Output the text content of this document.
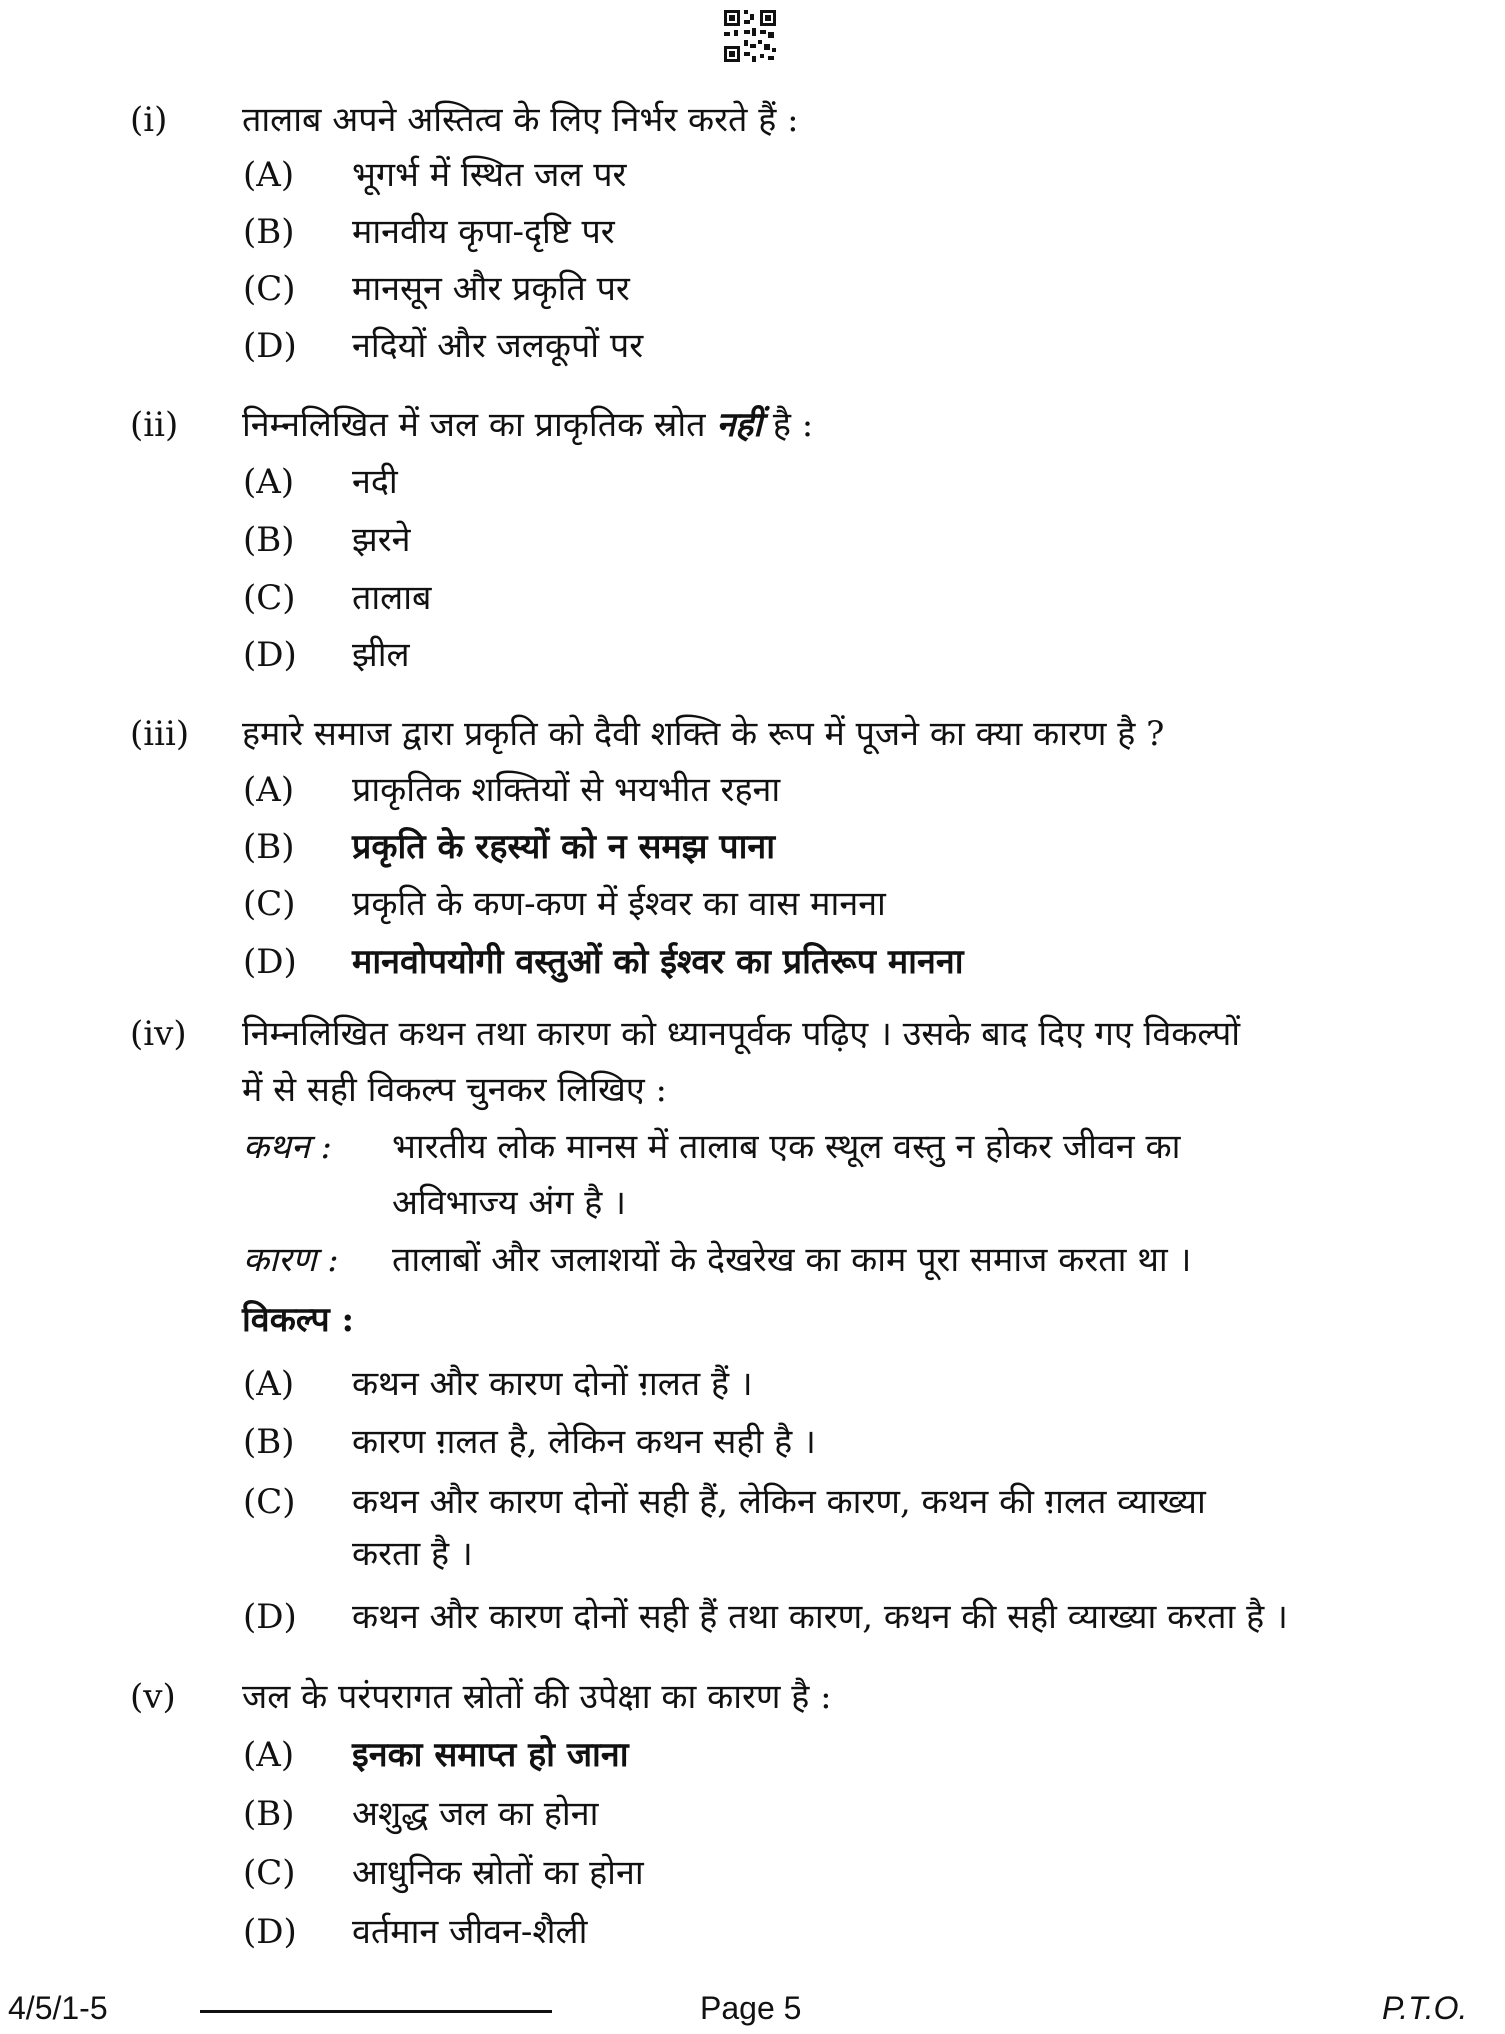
(i) तालाब अपने अस्तित्व के लिए निर्भर करते हैं :
(A) भूगर्भ में स्थित जल पर
(B) मानवीय कृपा-दृष्टि पर
(C) मानसून और प्रकृति पर
(D) नदियों और जलकूपों पर
(ii) निम्नलिखित में जल का प्राकृतिक स्रोत नहीं है :
(A) नदी
(B) झरने
(C) तालाब
(D) झील
(iii) हमारे समाज द्वारा प्रकृति को दैवी शक्ति के रूप में पूजने का क्या कारण है ?
(A) प्राकृतिक शक्तियों से भयभीत रहना
(B) प्रकृति के रहस्यों को न समझ पाना
(C) प्रकृति के कण-कण में ईश्वर का वास मानना
(D) मानवोपयोगी वस्तुओं को ईश्वर का प्रतिरूप मानना
(iv) निम्नलिखित कथन तथा कारण को ध्यानपूर्वक पढ़िए । उसके बाद दिए गए विकल्पों
में से सही विकल्प चुनकर लिखिए :
कथन : भारतीय लोक मानस में तालाब एक स्थूल वस्तु न होकर जीवन का
अविभाज्य अंग है ।
कारण : तालाबों और जलाशयों के देखरेख का काम पूरा समाज करता था ।
विकल्प :
(A) कथन और कारण दोनों ग़लत हैं ।
(B) कारण ग़लत है, लेकिन कथन सही है ।
(C) कथन और कारण दोनों सही हैं, लेकिन कारण, कथन की ग़लत व्याख्या
करता है ।
(D) कथन और कारण दोनों सही हैं तथा कारण, कथन की सही व्याख्या करता है ।
(v) जल के परंपरागत स्रोतों की उपेक्षा का कारण है :
(A) इनका समाप्त हो जाना
(B) अशुद्ध जल का होना
(C) आधुनिक स्रोतों का होना
(D) वर्तमान जीवन-शैली
4/5/1-5	Page 5	P.T.O.
